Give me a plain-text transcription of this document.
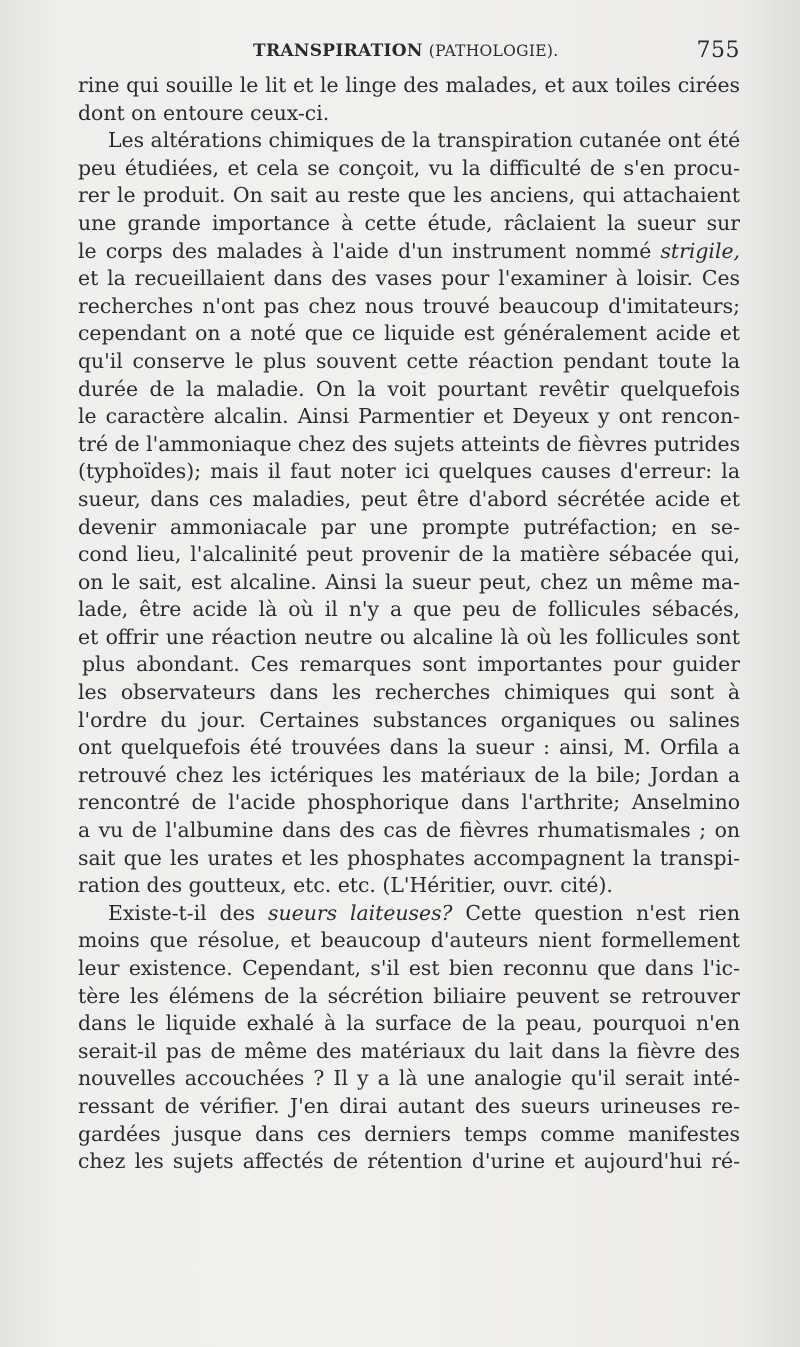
TRANSPIRATION (PATHOLOGIE).	755
rine qui souille le lit et le linge des malades, et aux toiles cirées
dont on entoure ceux-ci.
Les altérations chimiques de la transpiration cutanée ont été
peu étudiées, et cela se conçoit, vu la difficulté de s'en procu-
rer le produit. On sait au reste que les anciens, qui attachaient
une grande importance à cette étude, râclaient la sueur sur
le corps des malades à l'aide d'un instrument nommé strigile,
et la recueillaient dans des vases pour l'examiner à loisir. Ces
recherches n'ont pas chez nous trouvé beaucoup d'imitateurs;
cependant on a noté que ce liquide est généralement acide et
qu'il conserve le plus souvent cette réaction pendant toute la
durée de la maladie. On la voit pourtant revêtir quelquefois
le caractère alcalin. Ainsi Parmentier et Deyeux y ont rencon-
tré de l'ammoniaque chez des sujets atteints de fièvres putrides
(typhoïdes); mais il faut noter ici quelques causes d'erreur: la
sueur, dans ces maladies, peut être d'abord sécrétée acide et
devenir ammoniacale par une prompte putréfaction; en se-
cond lieu, l'alcalinité peut provenir de la matière sébacée qui,
on le sait, est alcaline. Ainsi la sueur peut, chez un même ma-
lade, être acide là où il n'y a que peu de follicules sébacés,
et offrir une réaction neutre ou alcaline là où les follicules sont
plus abondant. Ces remarques sont importantes pour guider
les observateurs dans les recherches chimiques qui sont à
l'ordre du jour. Certaines substances organiques ou salines
ont quelquefois été trouvées dans la sueur : ainsi, M. Orfila a
retrouvé chez les ictériques les matériaux de la bile; Jordan a
rencontré de l'acide phosphorique dans l'arthrite; Anselmino
a vu de l'albumine dans des cas de fièvres rhumatismales ; on
sait que les urates et les phosphates accompagnent la transpi-
ration des goutteux, etc. etc. (L'Héritier, ouvr. cité).
Existe-t-il des sueurs laiteuses? Cette question n'est rien
moins que résolue, et beaucoup d'auteurs nient formellement
leur existence. Cependant, s'il est bien reconnu que dans l'ic-
tère les élémens de la sécrétion biliaire peuvent se retrouver
dans le liquide exhalé à la surface de la peau, pourquoi n'en
serait-il pas de même des matériaux du lait dans la fièvre des
nouvelles accouchées ? Il y a là une analogie qu'il serait inté-
ressant de vérifier. J'en dirai autant des sueurs urineuses re-
gardées jusque dans ces derniers temps comme manifestes
chez les sujets affectés de rétention d'urine et aujourd'hui ré-
